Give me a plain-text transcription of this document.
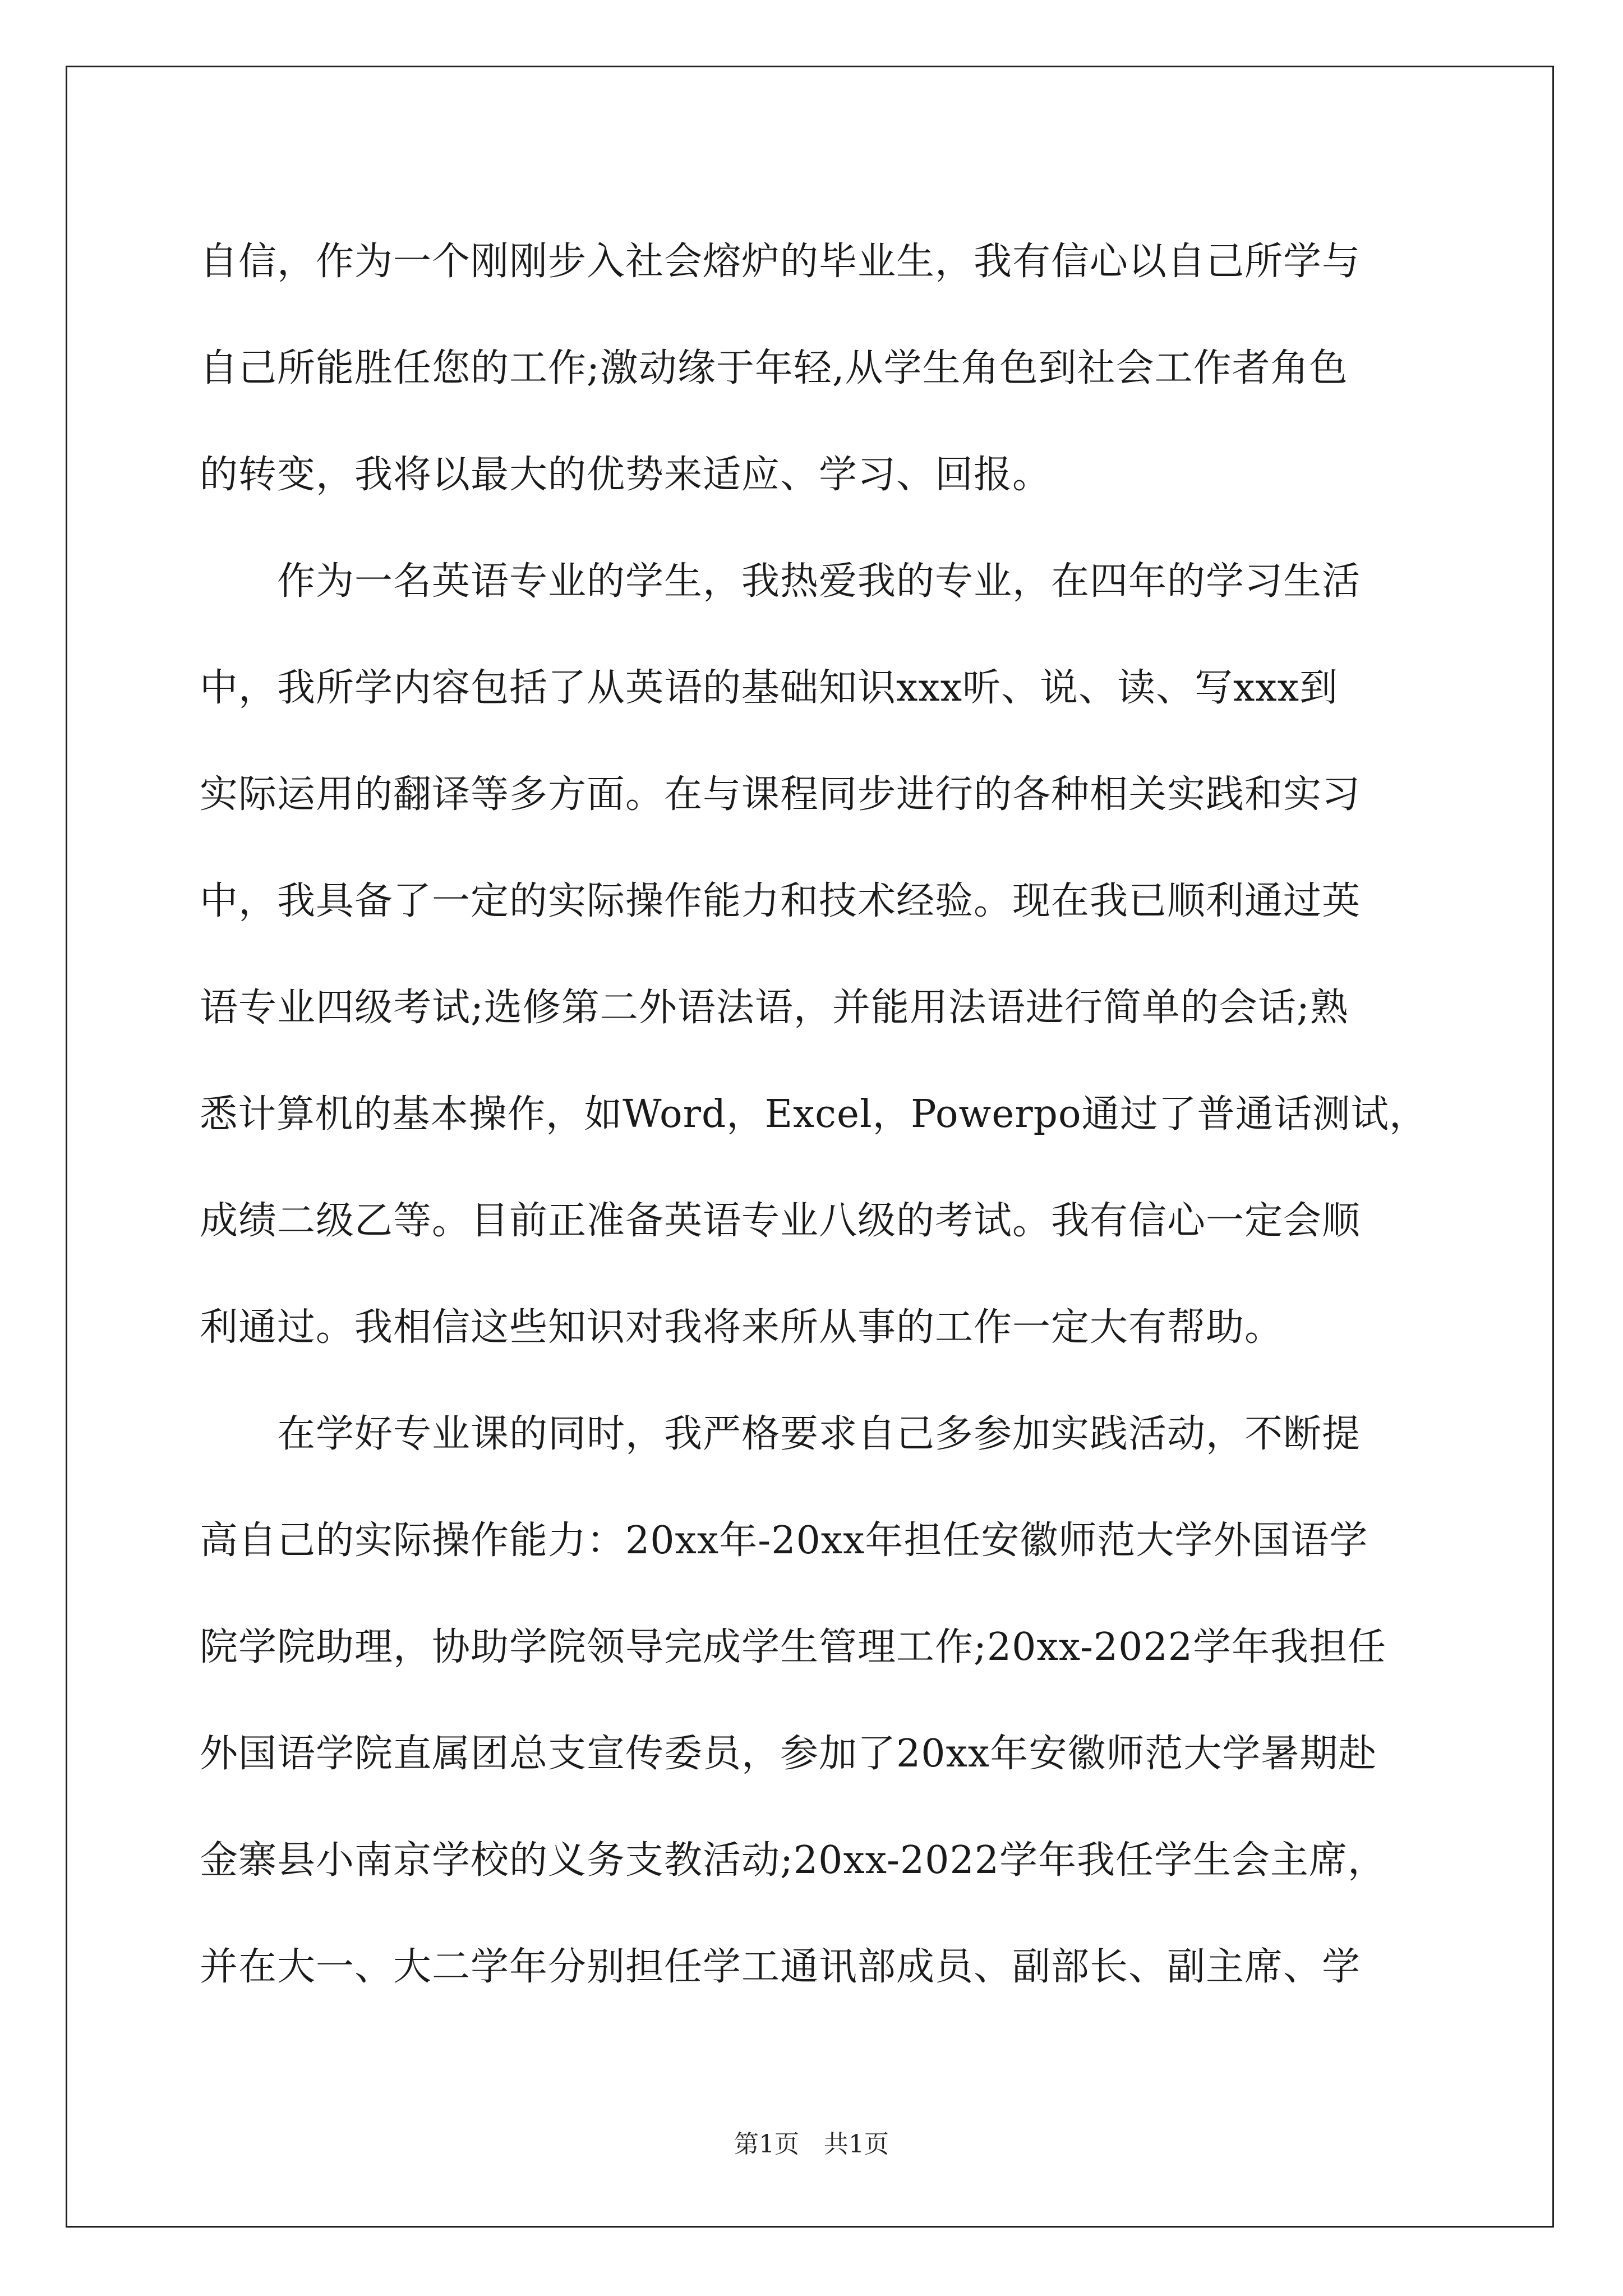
自信，作为一个刚刚步入社会熔炉的毕业生，我有信心以自己所学与
自己所能胜任您的工作;激动缘于年轻,从学生角色到社会工作者角色
的转变，我将以最大的优势来适应、学习、回报。
　　作为一名英语专业的学生，我热爱我的专业，在四年的学习生活
中，我所学内容包括了从英语的基础知识xxx听、说、读、写xxx到
实际运用的翻译等多方面。在与课程同步进行的各种相关实践和实习
中，我具备了一定的实际操作能力和技术经验。现在我已顺利通过英
语专业四级考试;选修第二外语法语，并能用法语进行简单的会话;熟
悉计算机的基本操作，如Word，Excel，Powerpo通过了普通话测试，
成绩二级乙等。目前正准备英语专业八级的考试。我有信心一定会顺
利通过。我相信这些知识对我将来所从事的工作一定大有帮助。
　　在学好专业课的同时，我严格要求自己多参加实践活动，不断提
高自己的实际操作能力：20xx年-20xx年担任安徽师范大学外国语学
院学院助理，协助学院领导完成学生管理工作;20xx-2022学年我担任
外国语学院直属团总支宣传委员，参加了20xx年安徽师范大学暑期赴
金寨县小南京学校的义务支教活动;20xx-2022学年我任学生会主席，
并在大一、大二学年分别担任学工通讯部成员、副部长、副主席、学
第1页　共1页
